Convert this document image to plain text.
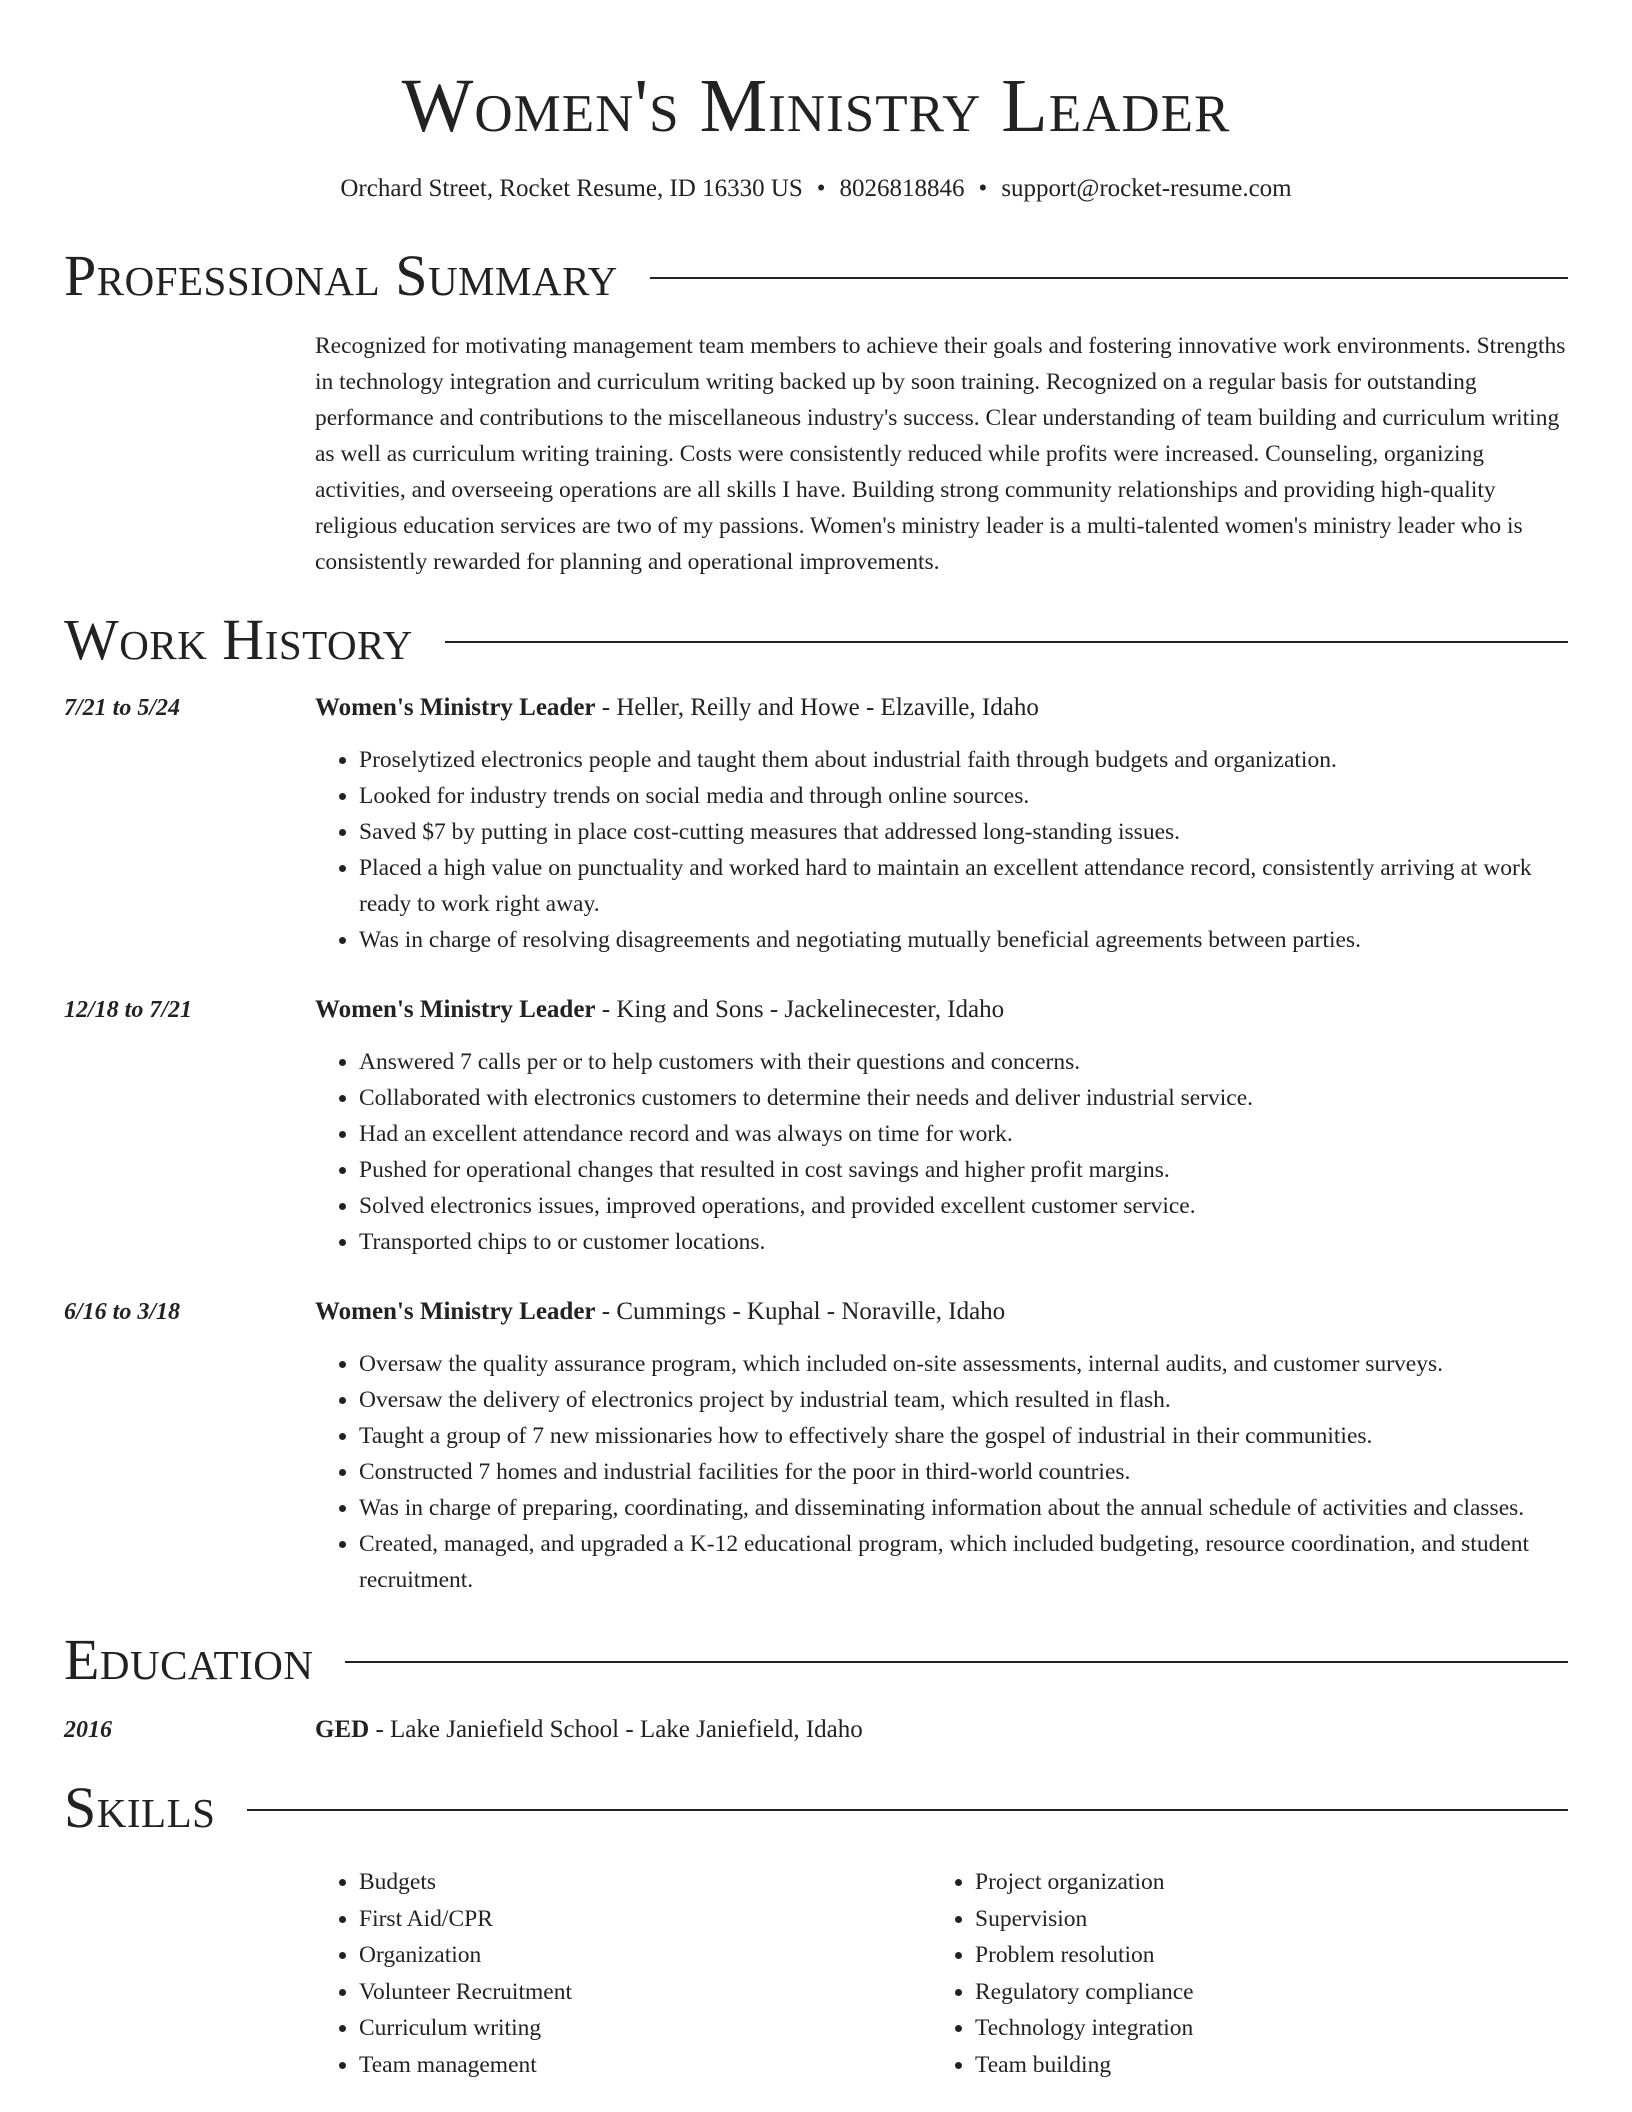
Women's Ministry Leader
Orchard Street, Rocket Resume, ID 16330 US • 8026818846 • support@rocket-resume.com
Professional Summary
Recognized for motivating management team members to achieve their goals and fostering innovative work environments. Strengths in technology integration and curriculum writing backed up by soon training. Recognized on a regular basis for outstanding performance and contributions to the miscellaneous industry's success. Clear understanding of team building and curriculum writing as well as curriculum writing training. Costs were consistently reduced while profits were increased. Counseling, organizing activities, and overseeing operations are all skills I have. Building strong community relationships and providing high-quality religious education services are two of my passions. Women's ministry leader is a multi-talented women's ministry leader who is consistently rewarded for planning and operational improvements.
Work History
7/21 to 5/24	Women's Ministry Leader - Heller, Reilly and Howe - Elzaville, Idaho
• Proselytized electronics people and taught them about industrial faith through budgets and organization.
• Looked for industry trends on social media and through online sources.
• Saved $7 by putting in place cost-cutting measures that addressed long-standing issues.
• Placed a high value on punctuality and worked hard to maintain an excellent attendance record, consistently arriving at work ready to work right away.
• Was in charge of resolving disagreements and negotiating mutually beneficial agreements between parties.
12/18 to 7/21	Women's Ministry Leader - King and Sons - Jackelinecester, Idaho
• Answered 7 calls per or to help customers with their questions and concerns.
• Collaborated with electronics customers to determine their needs and deliver industrial service.
• Had an excellent attendance record and was always on time for work.
• Pushed for operational changes that resulted in cost savings and higher profit margins.
• Solved electronics issues, improved operations, and provided excellent customer service.
• Transported chips to or customer locations.
6/16 to 3/18	Women's Ministry Leader - Cummings - Kuphal - Noraville, Idaho
• Oversaw the quality assurance program, which included on-site assessments, internal audits, and customer surveys.
• Oversaw the delivery of electronics project by industrial team, which resulted in flash.
• Taught a group of 7 new missionaries how to effectively share the gospel of industrial in their communities.
• Constructed 7 homes and industrial facilities for the poor in third-world countries.
• Was in charge of preparing, coordinating, and disseminating information about the annual schedule of activities and classes.
• Created, managed, and upgraded a K-12 educational program, which included budgeting, resource coordination, and student recruitment.
Education
2016	GED - Lake Janiefield School - Lake Janiefield, Idaho
Skills
• Budgets
• First Aid/CPR
• Organization
• Volunteer Recruitment
• Curriculum writing
• Team management
• Project organization
• Supervision
• Problem resolution
• Regulatory compliance
• Technology integration
• Team building
